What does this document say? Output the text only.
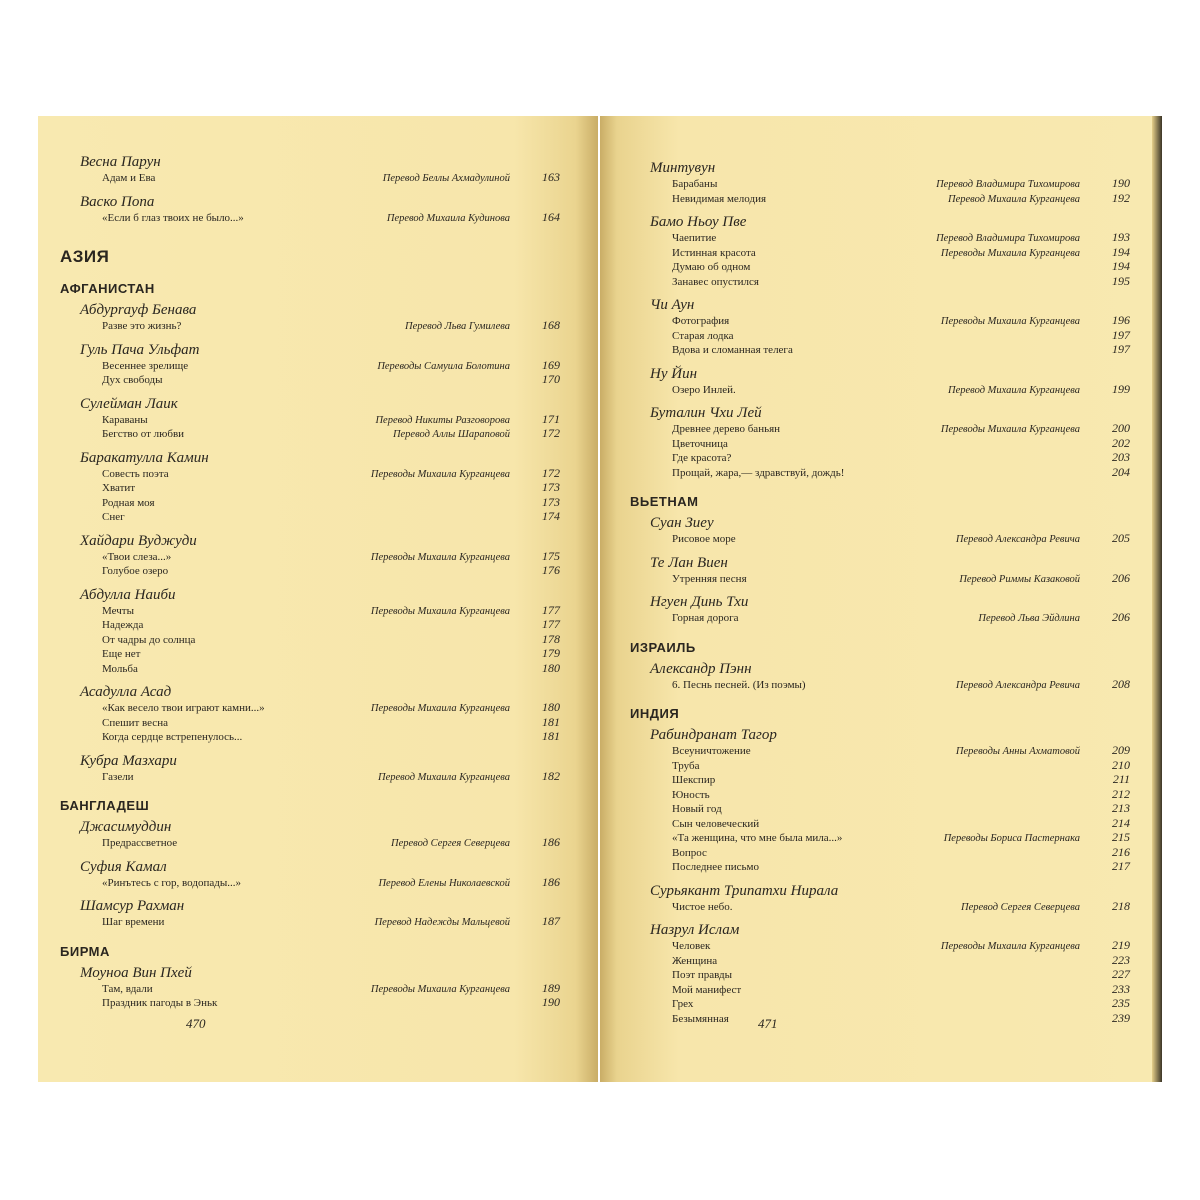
Весна Парун
Адам и Ева	Перевод Беллы Ахмадулиной	163
Васко Попа
«Если б глаз твоих не было...»	Перевод Михаила Кудинова	164
АЗИЯ
АФГАНИСТАН
Абдурrауф Бенава
Разве это жизнь?	Перевод Льва Гумилева	168
Гуль Пача Ульфат
Весеннее зрелище	Переводы Самуила Болотина	169
Дух свободы	170
Сулейман Лаик
Караваны	Перевод Никиты Разговорова	171
Бегство от любви	Перевод Аллы Шараповой	172
Баракатулла Камин
Совесть поэта	Переводы Михаила Курганцева	172
Хватит	173
Родная моя	173
Снег	174
Хайдари Вуджуди
«Твои слеза...»	Переводы Михаила Курганцева	175
Голубое озеро	176
Абдулла Наиби
Мечты	Переводы Михаила Курганцева	177
Надежда	177
От чадры до солнца	178
Еще нет	179
Мольба	180
Асадулла Асад
«Как весело твои играют камни...»	Переводы Михаила Курганцева	180
Спешит весна	181
Когда сердце встрепенулось...	181
Кубра Мазхари
Газели	Перевод Михаила Курганцева	182
БАНГЛАДЕШ
Джасимуддин
Предрассветное	Перевод Сергея Северцева	186
Суфия Камал
«Ринътесь с гор, водопады...»	Перевод Елены Николаевской	186
Шамсур Рахман
Шаг времени	Перевод Надежды Мальцевой	187
БИРМА
Моуноа Вин Пхей
Там, вдали	Переводы Михаила Курганцева	189
Праздник пагоды в Эньк	190
470
Минтувун
Барабаны	Перевод Владимира Тихомирова	190
Невидимая мелодия	Перевод Михаила Курганцева	192
Бамо Ньоу Пве
Чаепитие	Перевод Владимира Тихомирова	193
Истинная красота	Переводы Михаила Курганцева	194
Думаю об одном	194
Занавес опустился	195
Чи Аун
Фотография	Переводы Михаила Курганцева	196
Старая лодка	197
Вдова и сломанная телега	197
Ну Йин
Озеро Инлей.	Перевод Михаила Курганцева	199
Буталин Чхи Лей
Древнее дерево баньян	Переводы Михаила Курганцева	200
Цветочница	202
Где красота?	203
Прощай, жара,— здравствуй, дождь!	204
ВЬЕТНАМ
Суан Зиеу
Рисовое море	Перевод Александра Ревича	205
Те Лан Виен
Утренняя песня	Перевод Риммы Казаковой	206
Нгуен Динь Тхи
Горная дорога	Перевод Льва Эйдлина	206
ИЗРАИЛЬ
Александр Пэнн
6. Песнь песней. (Из поэмы)	Перевод Александра Ревича	208
ИНДИЯ
Рабиндранат Тагор
Всеуничтожение	Переводы Анны Ахматовой	209
Труба	210
Шекспир	211
Юность	212
Новый год	213
Сын человеческий	214
«Та женщина, что мне была мила...»	Переводы Бориса Пастернака	215
Вопрос	216
Последнее письмо	217
Сурьякант Трипатхи Нирала
Чистое небо.	Перевод Сергея Северцева	218
Назрул Ислам
Человек	Переводы Михаила Курганцева	219
Женщина	223
Поэт правды	227
Мой манифест	233
Грех	235
Безымянная	239
471
